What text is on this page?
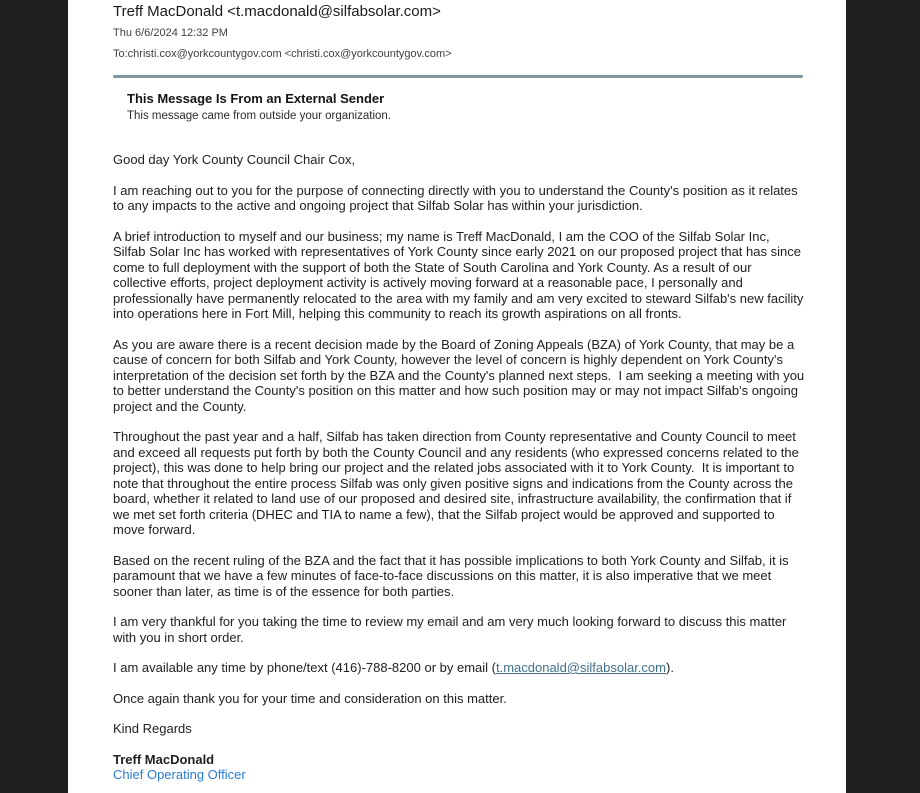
Treff MacDonald <t.macdonald@silfabsolar.com>
Thu 6/6/2024 12:32 PM
To:christi.cox@yorkcountygov.com <christi.cox@yorkcountygov.com>
This Message Is From an External Sender
This message came from outside your organization.

Good day York County Council Chair Cox,

I am reaching out to you for the purpose of connecting directly with you to understand the County's position as it relates to any impacts to the active and ongoing project that Silfab Solar has within your jurisdiction.

A brief introduction to myself and our business; my name is Treff MacDonald, I am the COO of the Silfab Solar Inc, Silfab Solar Inc has worked with representatives of York County since early 2021 on our proposed project that has since come to full deployment with the support of both the State of South Carolina and York County. As a result of our collective efforts, project deployment activity is actively moving forward at a reasonable pace, I personally and professionally have permanently relocated to the area with my family and am very excited to steward Silfab's new facility into operations here in Fort Mill, helping this community to reach its growth aspirations on all fronts.

As you are aware there is a recent decision made by the Board of Zoning Appeals (BZA) of York County, that may be a cause of concern for both Silfab and York County, however the level of concern is highly dependent on York County's interpretation of the decision set forth by the BZA and the County's planned next steps.  I am seeking a meeting with you to better understand the County's position on this matter and how such position may or may not impact Silfab's ongoing project and the County.

Throughout the past year and a half, Silfab has taken direction from County representative and County Council to meet and exceed all requests put forth by both the County Council and any residents (who expressed concerns related to the project), this was done to help bring our project and the related jobs associated with it to York County.  It is important to note that throughout the entire process Silfab was only given positive signs and indications from the County across the board, whether it related to land use of our proposed and desired site, infrastructure availability, the confirmation that if we met set forth criteria (DHEC and TIA to name a few), that the Silfab project would be approved and supported to move forward.

Based on the recent ruling of the BZA and the fact that it has possible implications to both York County and Silfab, it is paramount that we have a few minutes of face-to-face discussions on this matter, it is also imperative that we meet sooner than later, as time is of the essence for both parties.

I am very thankful for you taking the time to review my email and am very much looking forward to discuss this matter with you in short order.

I am available any time by phone/text (416)-788-8200 or by email (t.macdonald@silfabsolar.com).

Once again thank you for your time and consideration on this matter.

Kind Regards

Treff MacDonald
Chief Operating Officer
